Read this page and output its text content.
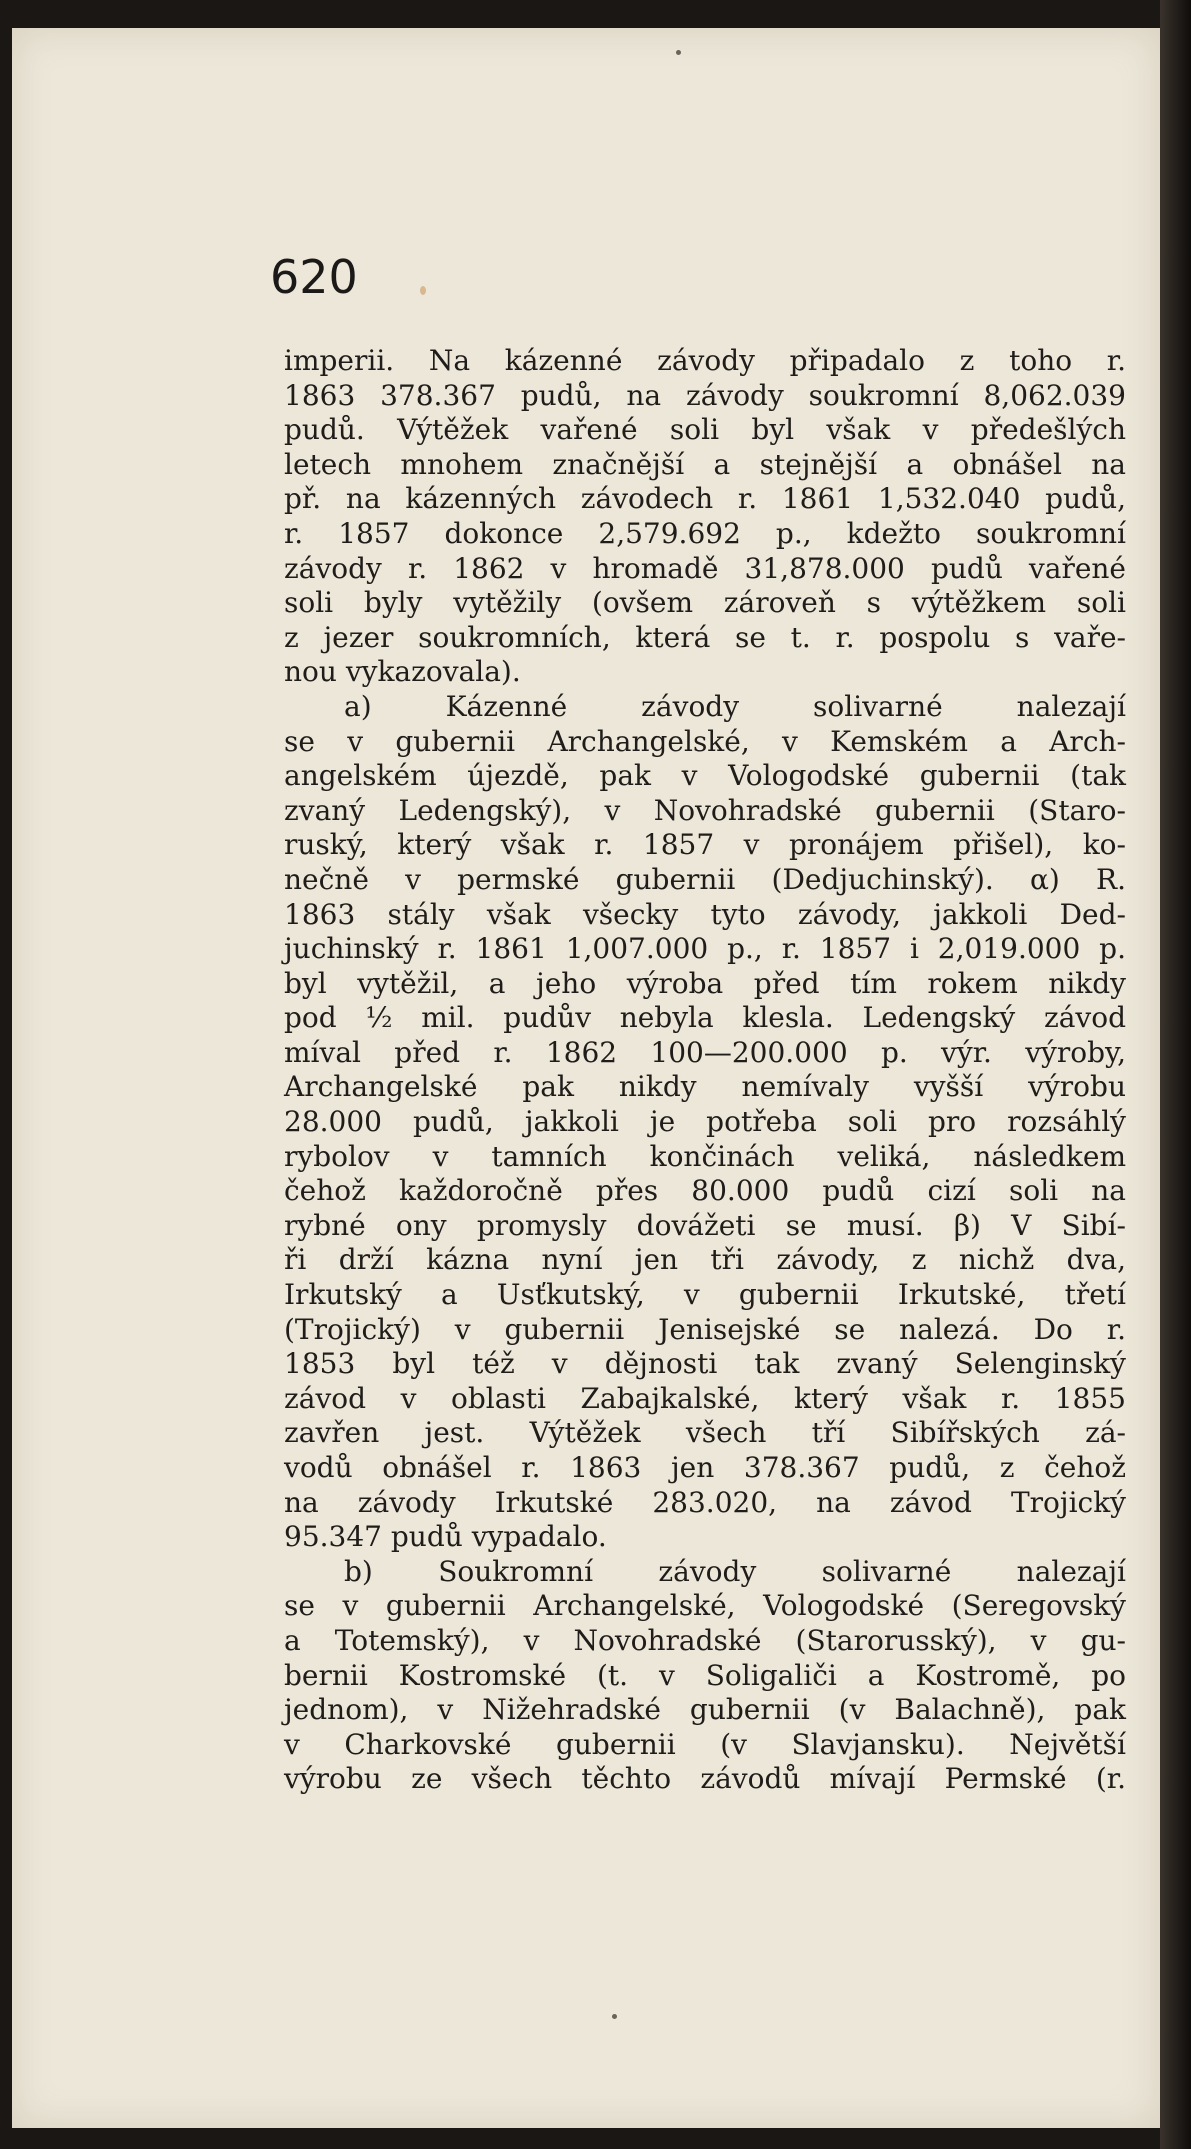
620
imperii. Na kázenné závody připadalo z toho r.
1863 378.367 pudů, na závody soukromní 8,062.039
pudů. Výtěžek vařené soli byl však v předešlých
letech mnohem značnější a stejnější a obnášel na
př. na kázenných závodech r. 1861 1,532.040 pudů,
r. 1857 dokonce 2,579.692 p., kdežto soukromní
závody r. 1862 v hromadě 31,878.000 pudů vařené
soli byly vytěžily (ovšem zároveň s výtěžkem soli
z jezer soukromních, která se t. r. pospolu s vaře-
nou vykazovala).
a) Kázenné závody solivarné nalezají
se v gubernii Archangelské, v Kemském a Arch-
angelském újezdě, pak v Vologodské gubernii (tak
zvaný Ledengský), v Novohradské gubernii (Staro-
ruský, který však r. 1857 v pronájem přišel), ko-
nečně v permské gubernii (Dedjuchinský). α) R.
1863 stály však všecky tyto závody, jakkoli Ded-
juchinský r. 1861 1,007.000 p., r. 1857 i 2,019.000 p.
byl vytěžil, a jeho výroba před tím rokem nikdy
pod ½ mil. pudův nebyla klesla. Ledengský závod
míval před r. 1862 100—200.000 p. výr. výroby,
Archangelské pak nikdy nemívaly vyšší výrobu
28.000 pudů, jakkoli je potřeba soli pro rozsáhlý
rybolov v tamních končinách veliká, následkem
čehož každoročně přes 80.000 pudů cizí soli na
rybné ony promysly dovážeti se musí. β) V Sibí-
ři drží kázna nyní jen tři závody, z nichž dva,
Irkutský a Usťkutský, v gubernii Irkutské, třetí
(Trojický) v gubernii Jenisejské se nalezá. Do r.
1853 byl též v dějnosti tak zvaný Selenginský
závod v oblasti Zabajkalské, který však r. 1855
zavřen jest. Výtěžek všech tří Sibířských zá-
vodů obnášel r. 1863 jen 378.367 pudů, z čehož
na závody Irkutské 283.020, na závod Trojický
95.347 pudů vypadalo.
b) Soukromní závody solivarné nalezají
se v gubernii Archangelské, Vologodské (Seregovský
a Totemský), v Novohradské (Starorusský), v gu-
bernii Kostromské (t. v Soligaliči a Kostromě, po
jednom), v Nižehradské gubernii (v Balachně), pak
v Charkovské gubernii (v Slavjansku). Největší
výrobu ze všech těchto závodů mívají Permské (r.
